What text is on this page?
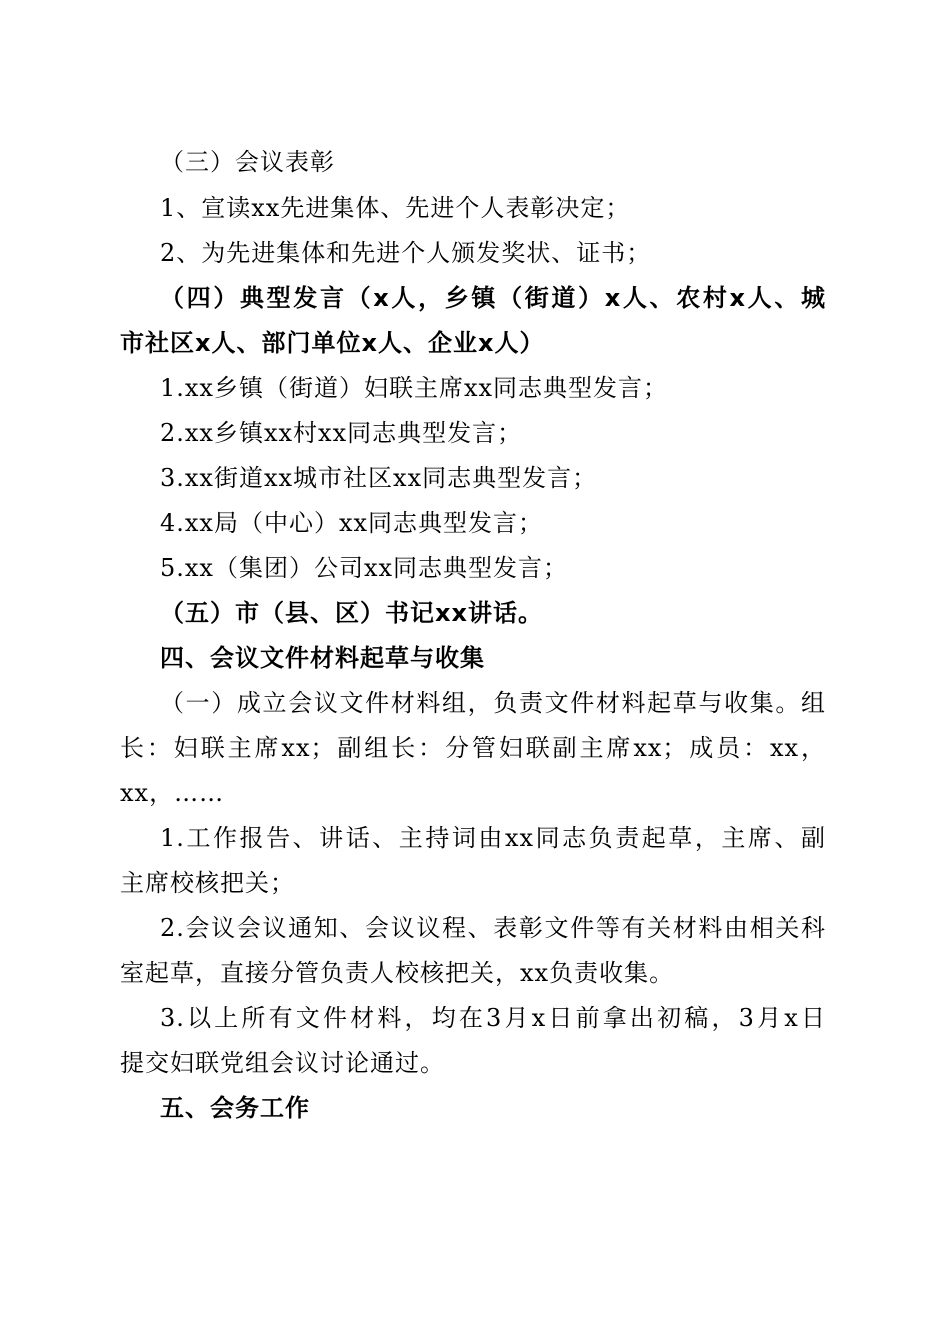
（三）会议表彰
1、宣读xx先进集体、先进个人表彰决定；
2、为先进集体和先进个人颁发奖状、证书；
（四）典型发言（x人，乡镇（街道）x人、农村x人、城
市社区x人、部门单位x人、企业x人）
1.xx乡镇（街道）妇联主席xx同志典型发言；
2.xx乡镇xx村xx同志典型发言；
3.xx街道xx城市社区xx同志典型发言；
4.xx局（中心）xx同志典型发言；
5.xx（集团）公司xx同志典型发言；
（五）市（县、区）书记xx讲话。
四、会议文件材料起草与收集
（一）成立会议文件材料组，负责文件材料起草与收集。组
长：妇联主席xx；副组长：分管妇联副主席xx；成员：xx，
xx，……
1.工作报告、讲话、主持词由xx同志负责起草，主席、副
主席校核把关；
2.会议会议通知、会议议程、表彰文件等有关材料由相关科
室起草，直接分管负责人校核把关，xx负责收集。
3.以上所有文件材料，均在3月x日前拿出初稿，3月x日
提交妇联党组会议讨论通过。
五、会务工作
